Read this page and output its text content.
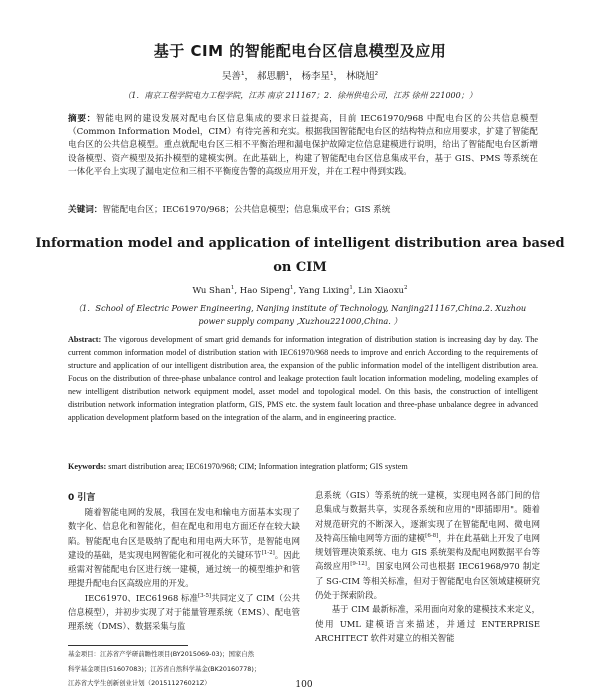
基于 CIM 的智能配电台区信息模型及应用
吴善$^1$， 郝思鹏$^1$， 杨李星$^1$， 林晓旭$^2$
（1．南京工程学院电力工程学院，江苏 南京 211167；2．徐州供电公司，江苏 徐州 221000；）

摘要：智能电网的建设发展对配电台区信息集成的要求日益提高，目前 IEC61970/968 中配电台区的公共信息模型（Common Information Model，CIM）有待完善和充实。根据我国智能配电台区的结构特点和应用要求，扩建了智能配电台区的公共信息模型。重点就配电台区三相不平衡治理和漏电保护故障定位信息建模进行说明，给出了智能配电台区新增设备模型、资产模型及拓扑模型的建模实例。在此基础上，构建了智能配电台区信息集成平台，基于 GIS、PMS 等系统在一体化平台上实现了漏电定位和三相不平衡度告警的高级应用开发，并在工程中得到实践。

关键词：智能配电台区；IEC61970/968；公共信息模型；信息集成平台；GIS 系统

Information model and application of intelligent distribution area based
on CIM
Wu Shan$^1$, Hao Sipeng$^1$, Yang Lixing$^1$, Lin Xiaoxu$^2$
（1．School of Electric Power Engineering, Nanjing institute of Technology, Nanjing211167,China.2. Xuzhou
power supply company ,Xuzhou221000,China. ）

Abstract: The vigorous development of smart grid demands for information integration of distribution station is increasing day by day. The current common information model of distribution station with IEC61970/968 needs to improve and enrich According to the requirements of structure and application of our intelligent distribution area, the expansion of the public information model of the intelligent distribution area. Focus on the distribution of three-phase unbalance control and leakage protection fault location information modeling, modeling examples of new intelligent distribution network equipment model, asset model and topological model. On this basis, the construction of intelligent distribution network information integration platform, GIS, PMS etc. the system fault location and three-phase unbalance degree in advanced application development platform based on the integration of the alarm, and in engineering practice.

Keywords: smart distribution area; IEC61970/968; CIM; Information integration platform; GIS system

0 引言

随着智能电网的发展，我国在发电和输电方面基本实现了数字化、信息化和智能化，但在配电和用电方面还存在较大缺陷。智能配电台区是吸纳了配电和用电两大环节，是智能电网建设的基础，是实现电网智能化和可视化的关键环节[1-2]。因此亟需对智能配电台区进行统一建模，通过统一的模型维护和管理提升配电台区高级应用的开发。
IEC61970、IEC61968 标准[3-5]共同定义了 CIM（公共信息模型），并初步实现了对于能量管理系统（EMS）、配电管理系统（DMS）、数据采集与监

息系统（GIS）等系统的统一建模，实现电网各部门间的信息集成与数据共享，实现各系统和应用的"即插即用"。随着对规范研究的不断深入，逐渐实现了在智能配电网、微电网及特高压输电网等方面的建模[6-8]，并在此基础上开发了电网规划管理决策系统、电力 GIS 系统架构及配电网数据平台等高级应用[9-12]。国家电网公司也根据 IEC61968/970 制定了 SG-CIM 等相关标准，但对于智能配电台区领域建模研究仍处于探索阶段。

基于 CIM 最新标准，采用面向对象的建模技术来定义，使用 UML 建模语言来描述，并通过 ENTERPRISE ARCHITECT 软件对建立的相关智能

基金项目：江苏省产学研前瞻性项目(BY2015069-03)；国家自然
科学基金项目(51607083)；江苏省自然科学基金(BK20160778)；
江苏省大学生创新创业计划（201511276021Z）	100
